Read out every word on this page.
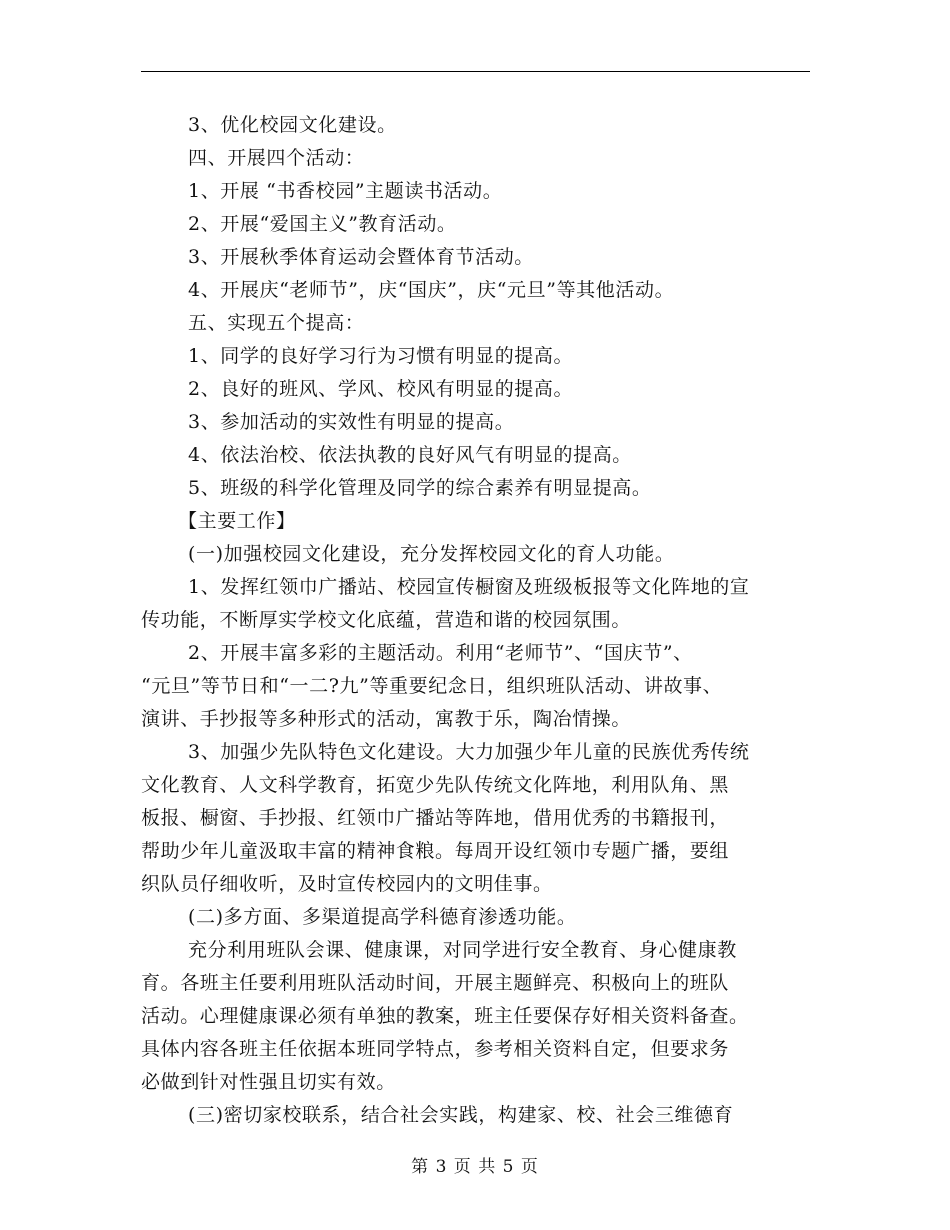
3、优化校园文化建设。
四、开展四个活动：
1、开展 “书香校园”主题读书活动。
2、开展“爱国主义”教育活动。
3、开展秋季体育运动会暨体育节活动。
4、开展庆“老师节”，庆“国庆”，庆“元旦”等其他活动。
五、实现五个提高：
1、同学的良好学习行为习惯有明显的提高。
2、良好的班风、学风、校风有明显的提高。
3、参加活动的实效性有明显的提高。
4、依法治校、依法执教的良好风气有明显的提高。
5、班级的科学化管理及同学的综合素养有明显提高。
【主要工作】
(一)加强校园文化建设，充分发挥校园文化的育人功能。
1、发挥红领巾广播站、校园宣传橱窗及班级板报等文化阵地的宣
传功能，不断厚实学校文化底蕴，营造和谐的校园氛围。
2、开展丰富多彩的主题活动。利用“老师节”、“国庆节”、
“元旦”等节日和“一二?九”等重要纪念日，组织班队活动、讲故事、
演讲、手抄报等多种形式的活动，寓教于乐，陶冶情操。
3、加强少先队特色文化建设。大力加强少年儿童的民族优秀传统
文化教育、人文科学教育，拓宽少先队传统文化阵地，利用队角、黑
板报、橱窗、手抄报、红领巾广播站等阵地，借用优秀的书籍报刊，
帮助少年儿童汲取丰富的精神食粮。每周开设红领巾专题广播，要组
织队员仔细收听，及时宣传校园内的文明佳事。
(二)多方面、多渠道提高学科德育渗透功能。
充分利用班队会课、健康课，对同学进行安全教育、身心健康教
育。各班主任要利用班队活动时间，开展主题鲜亮、积极向上的班队
活动。心理健康课必须有单独的教案，班主任要保存好相关资料备查。
具体内容各班主任依据本班同学特点，参考相关资料自定，但要求务
必做到针对性强且切实有效。
(三)密切家校联系，结合社会实践，构建家、校、社会三维德育
第 3 页 共 5 页
